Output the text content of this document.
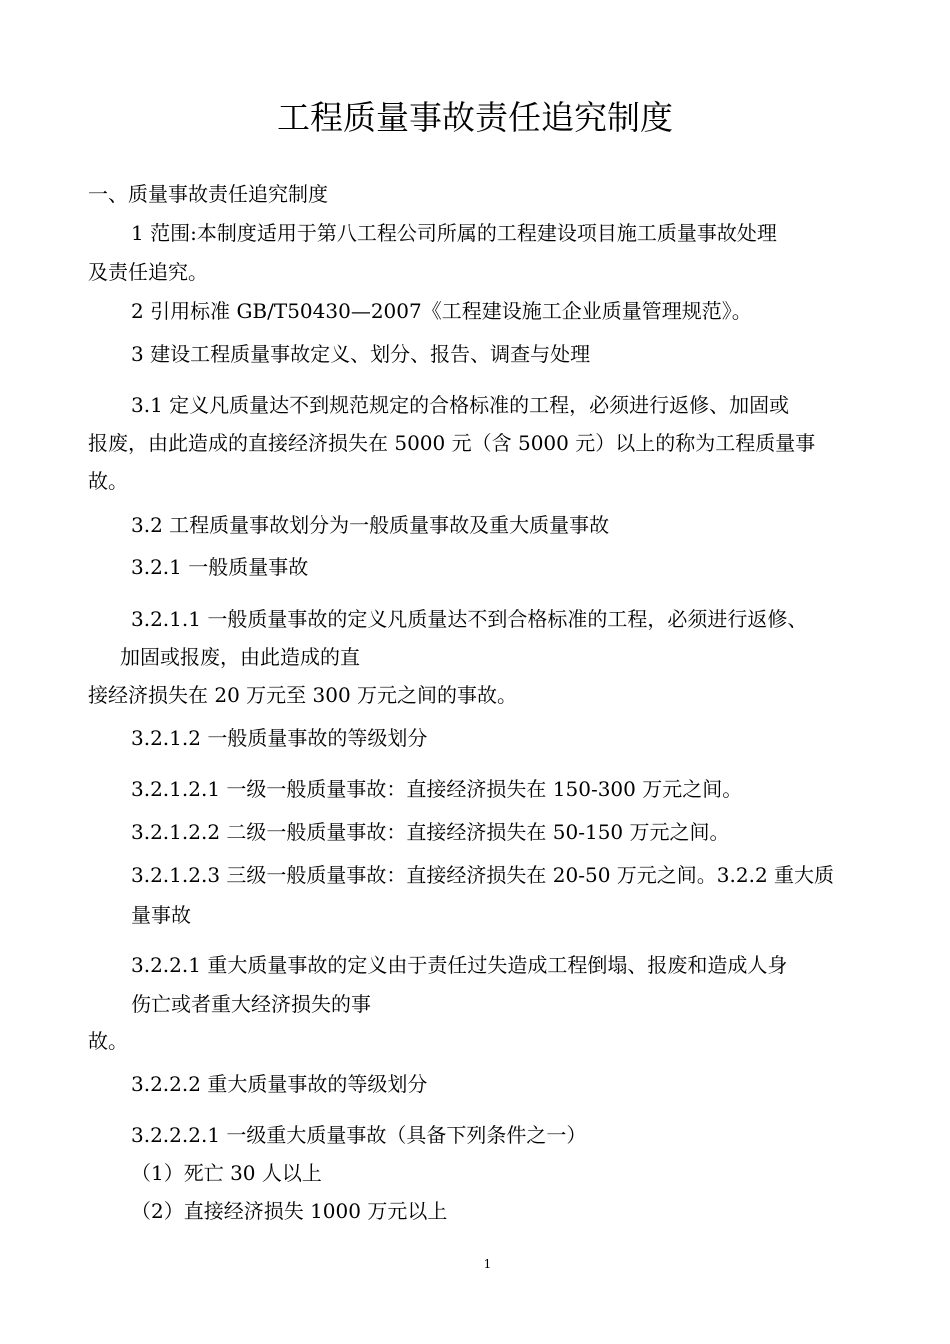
工程质量事故责任追究制度
一、质量事故责任追究制度
1 范围:本制度适用于第八工程公司所属的工程建设项目施工质量事故处理
及责任追究。
2 引用标准 GB/T50430—2007《工程建设施工企业质量管理规范》。
3 建设工程质量事故定义、划分、报告、调查与处理
3.1 定义凡质量达不到规范规定的合格标准的工程，必须进行返修、加固或
报废，由此造成的直接经济损失在 5000 元（含 5000 元）以上的称为工程质量事
故。
3.2 工程质量事故划分为一般质量事故及重大质量事故
3.2.1 一般质量事故
3.2.1.1 一般质量事故的定义凡质量达不到合格标准的工程，必须进行返修、
加固或报废，由此造成的直
接经济损失在 20 万元至 300 万元之间的事故。
3.2.1.2 一般质量事故的等级划分
3.2.1.2.1 一级一般质量事故：直接经济损失在 150-300 万元之间。
3.2.1.2.2 二级一般质量事故：直接经济损失在 50-150 万元之间。
3.2.1.2.3 三级一般质量事故：直接经济损失在 20-50 万元之间。3.2.2 重大质
量事故
3.2.2.1 重大质量事故的定义由于责任过失造成工程倒塌、报废和造成人身
伤亡或者重大经济损失的事
故。
3.2.2.2 重大质量事故的等级划分
3.2.2.2.1 一级重大质量事故（具备下列条件之一）
（1）死亡 30 人以上
（2）直接经济损失 1000 万元以上
1
